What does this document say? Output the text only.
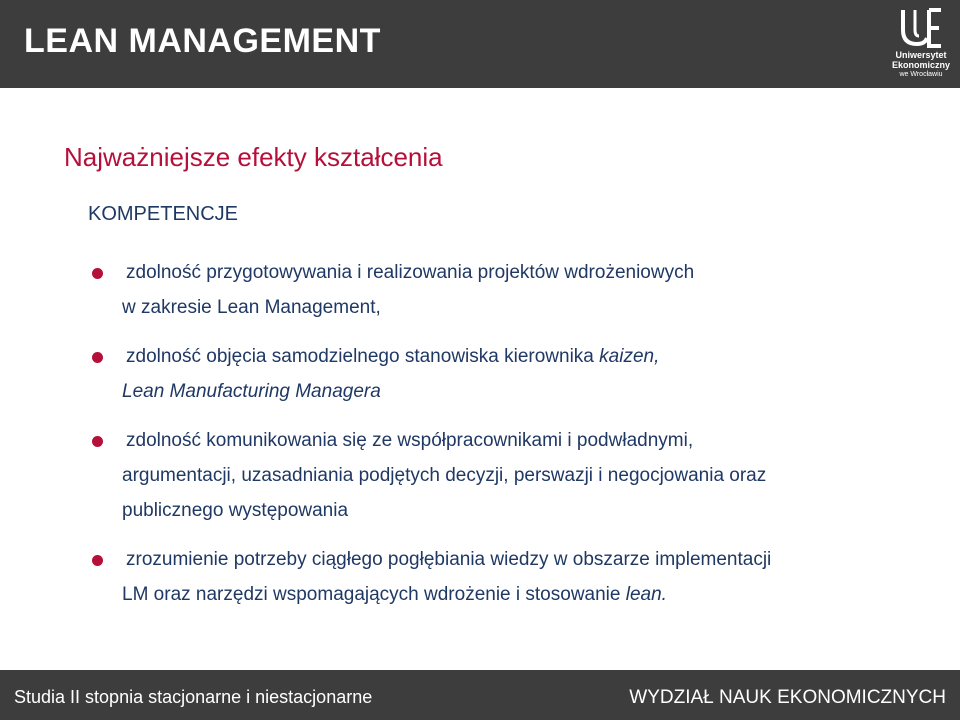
LEAN MANAGEMENT	Uniwersytet
Ekonomiczny
we Wrocławiu
Najważniejsze efekty kształcenia
KOMPETENCJE
zdolność przygotowywania i realizowania projektów wdrożeniowych
w zakresie Lean Management,
zdolność objęcia samodzielnego stanowiska kierownika kaizen,
Lean Manufacturing Managera
zdolność komunikowania się ze współpracownikami i podwładnymi,
argumentacji, uzasadniania podjętych decyzji, perswazji i negocjowania oraz
publicznego występowania
zrozumienie potrzeby ciągłego pogłębiania wiedzy w obszarze implementacji
LM oraz narzędzi wspomagających wdrożenie i stosowanie lean.
Studia II stopnia stacjonarne i niestacjonarne	WYDZIAŁ NAUK EKONOMICZNYCH
